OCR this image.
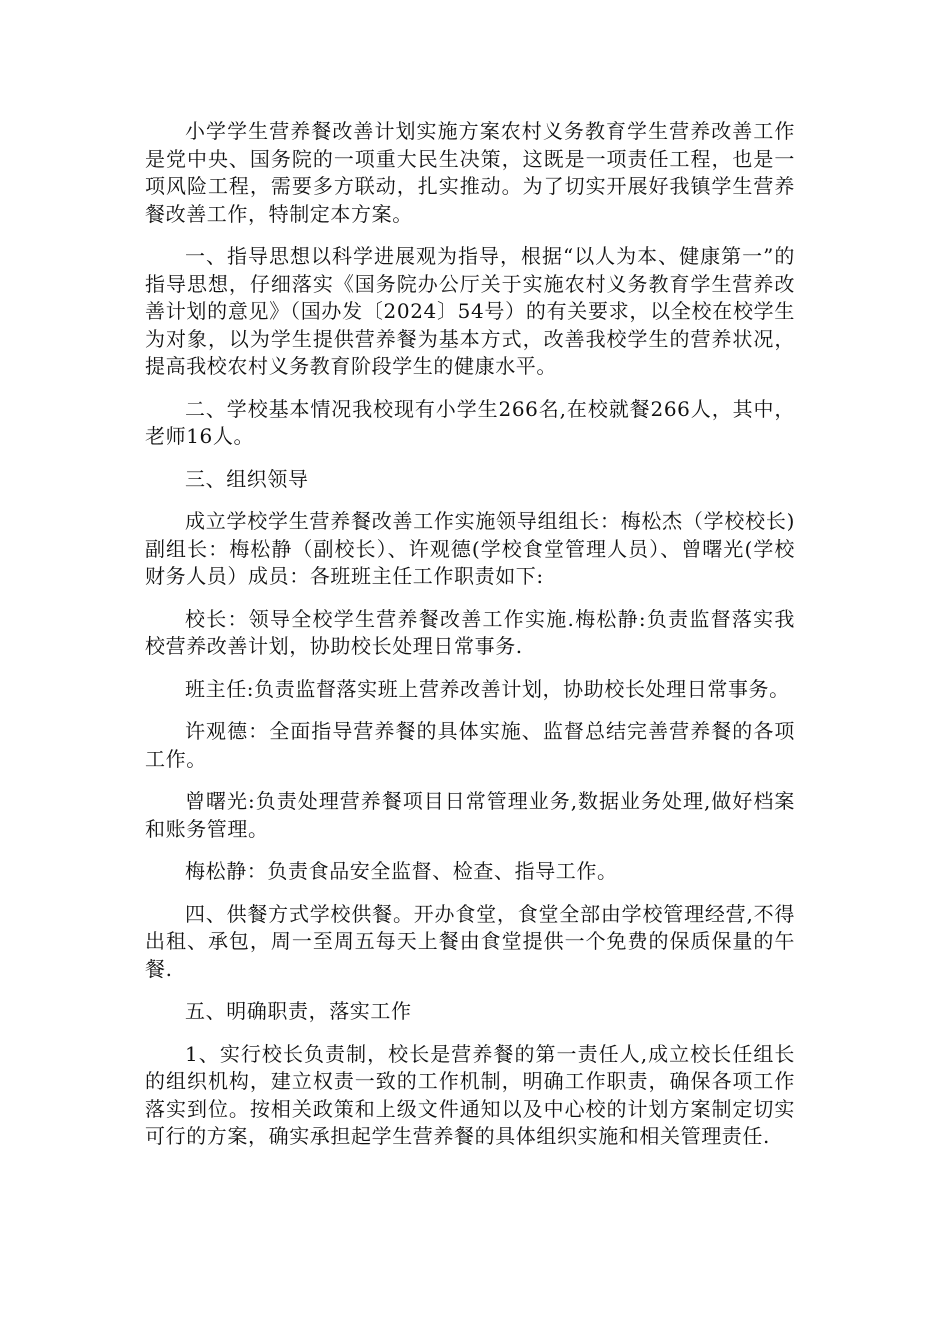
小学学生营养餐改善计划实施方案农村义务教育学生营养改善工作是党中央、国务院的一项重大民生决策，这既是一项责任工程，也是一项风险工程，需要多方联动，扎实推动。为了切实开展好我镇学生营养餐改善工作，特制定本方案。

一、指导思想以科学进展观为指导，根据“以人为本、健康第一”的指导思想，仔细落实《国务院办公厅关于实施农村义务教育学生营养改善计划的意见》（国办发〔2024〕54号）的有关要求，以全校在校学生为对象，以为学生提供营养餐为基本方式，改善我校学生的营养状况，提高我校农村义务教育阶段学生的健康水平。

二、学校基本情况我校现有小学生266名,在校就餐266人，其中，老师16人。

三、组织领导

成立学校学生营养餐改善工作实施领导组组长：梅松杰（学校校长)副组长：梅松静（副校长）、许观德(学校食堂管理人员）、曾曙光(学校财务人员）成员：各班班主任工作职责如下:

校长：领导全校学生营养餐改善工作实施.梅松静:负责监督落实我校营养改善计划，协助校长处理日常事务.

班主任:负责监督落实班上营养改善计划，协助校长处理日常事务。

许观德：全面指导营养餐的具体实施、监督总结完善营养餐的各项工作。

曾曙光:负责处理营养餐项目日常管理业务,数据业务处理,做好档案和账务管理。

梅松静：负责食品安全监督、检查、指导工作。

四、供餐方式学校供餐。开办食堂，食堂全部由学校管理经营,不得出租、承包，周一至周五每天上餐由食堂提供一个免费的保质保量的午餐.

五、明确职责，落实工作

1、实行校长负责制，校长是营养餐的第一责任人,成立校长任组长的组织机构，建立权责一致的工作机制，明确工作职责，确保各项工作落实到位。按相关政策和上级文件通知以及中心校的计划方案制定切实可行的方案，确实承担起学生营养餐的具体组织实施和相关管理责任.
